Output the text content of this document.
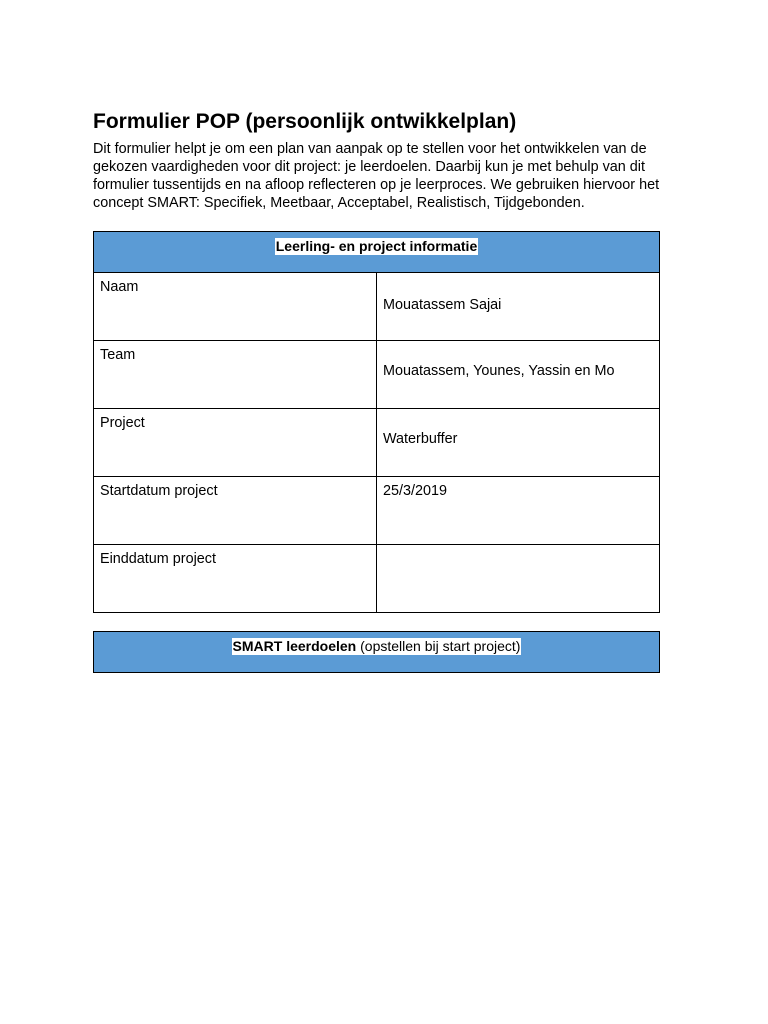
Formulier POP (persoonlijk ontwikkelplan)

Dit formulier helpt je om een plan van aanpak op te stellen voor het ontwikkelen van de gekozen vaardigheden voor dit project: je leerdoelen. Daarbij kun je met behulp van dit formulier tussentijds en na afloop reflecteren op je leerproces. We gebruiken hiervoor het concept SMART: Specifiek, Meetbaar, Acceptabel, Realistisch, Tijdgebonden.

Leerling- en project informatie	
Naam	Mouatassem Sajai

Team	Mouatassem, Younes, Yassin en Mo

Project	Waterbuffer

Startdatum project	25/3/2019

Einddatum project	
SMART leerdoelen (opstellen bij start project)
